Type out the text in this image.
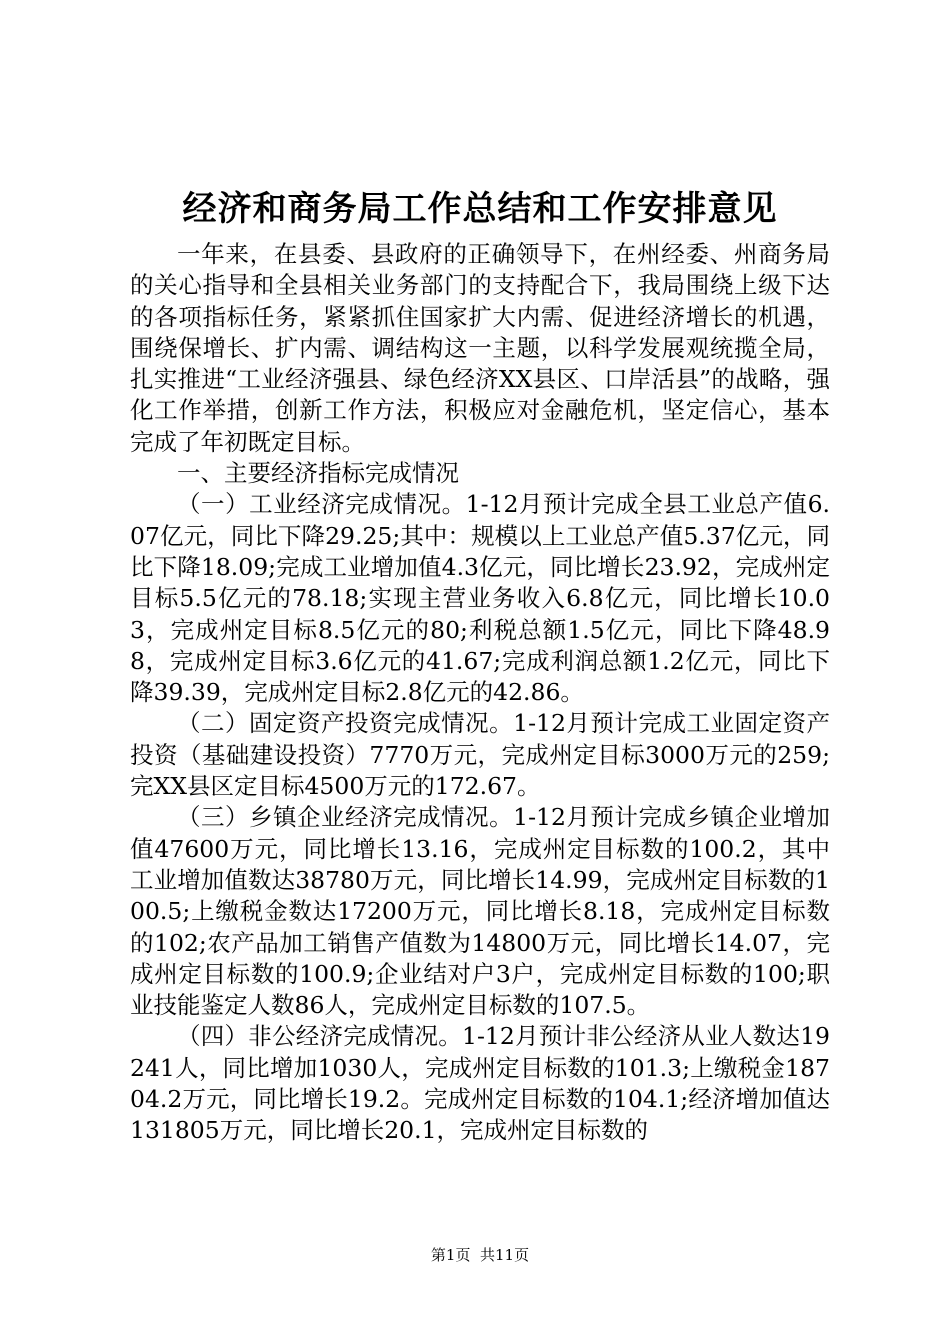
经济和商务局工作总结和工作安排意见

一年来，在县委、县政府的正确领导下，在州经委、州商务局的关心指导和全县相关业务部门的支持配合下，我局围绕上级下达的各项指标任务，紧紧抓住国家扩大内需、促进经济增长的机遇，围绕保增长、扩内需、调结构这一主题，以科学发展观统揽全局，扎实推进“工业经济强县、绿色经济XX县区、口岸活县”的战略，强化工作举措，创新工作方法，积极应对金融危机，坚定信心，基本完成了年初既定目标。

一、主要经济指标完成情况

（一）工业经济完成情况。1-12月预计完成全县工业总产值6.07亿元，同比下降29.25;其中：规模以上工业总产值5.37亿元，同比下降18.09;完成工业增加值4.3亿元，同比增长23.92，完成州定目标5.5亿元的78.18;实现主营业务收入6.8亿元，同比增长10.03，完成州定目标8.5亿元的80;利税总额1.5亿元，同比下降48.98，完成州定目标3.6亿元的41.67;完成利润总额1.2亿元，同比下降39.39，完成州定目标2.8亿元的42.86。

（二）固定资产投资完成情况。1-12月预计完成工业固定资产投资（基础建设投资）7770万元，完成州定目标3000万元的259;完XX县区定目标4500万元的172.67。

（三）乡镇企业经济完成情况。1-12月预计完成乡镇企业增加值47600万元，同比增长13.16，完成州定目标数的100.2，其中工业增加值数达38780万元，同比增长14.99，完成州定目标数的100.5;上缴税金数达17200万元，同比增长8.18，完成州定目标数的102;农产品加工销售产值数为14800万元，同比增长14.07，完成州定目标数的100.9;企业结对户3户，完成州定目标数的100;职业技能鉴定人数86人，完成州定目标数的107.5。

（四）非公经济完成情况。1-12月预计非公经济从业人数达19241人，同比增加1030人，完成州定目标数的101.3;上缴税金18704.2万元，同比增长19.2。完成州定目标数的104.1;经济增加值达131805万元，同比增长20.1，完成州定目标数的

第1页  共11页
